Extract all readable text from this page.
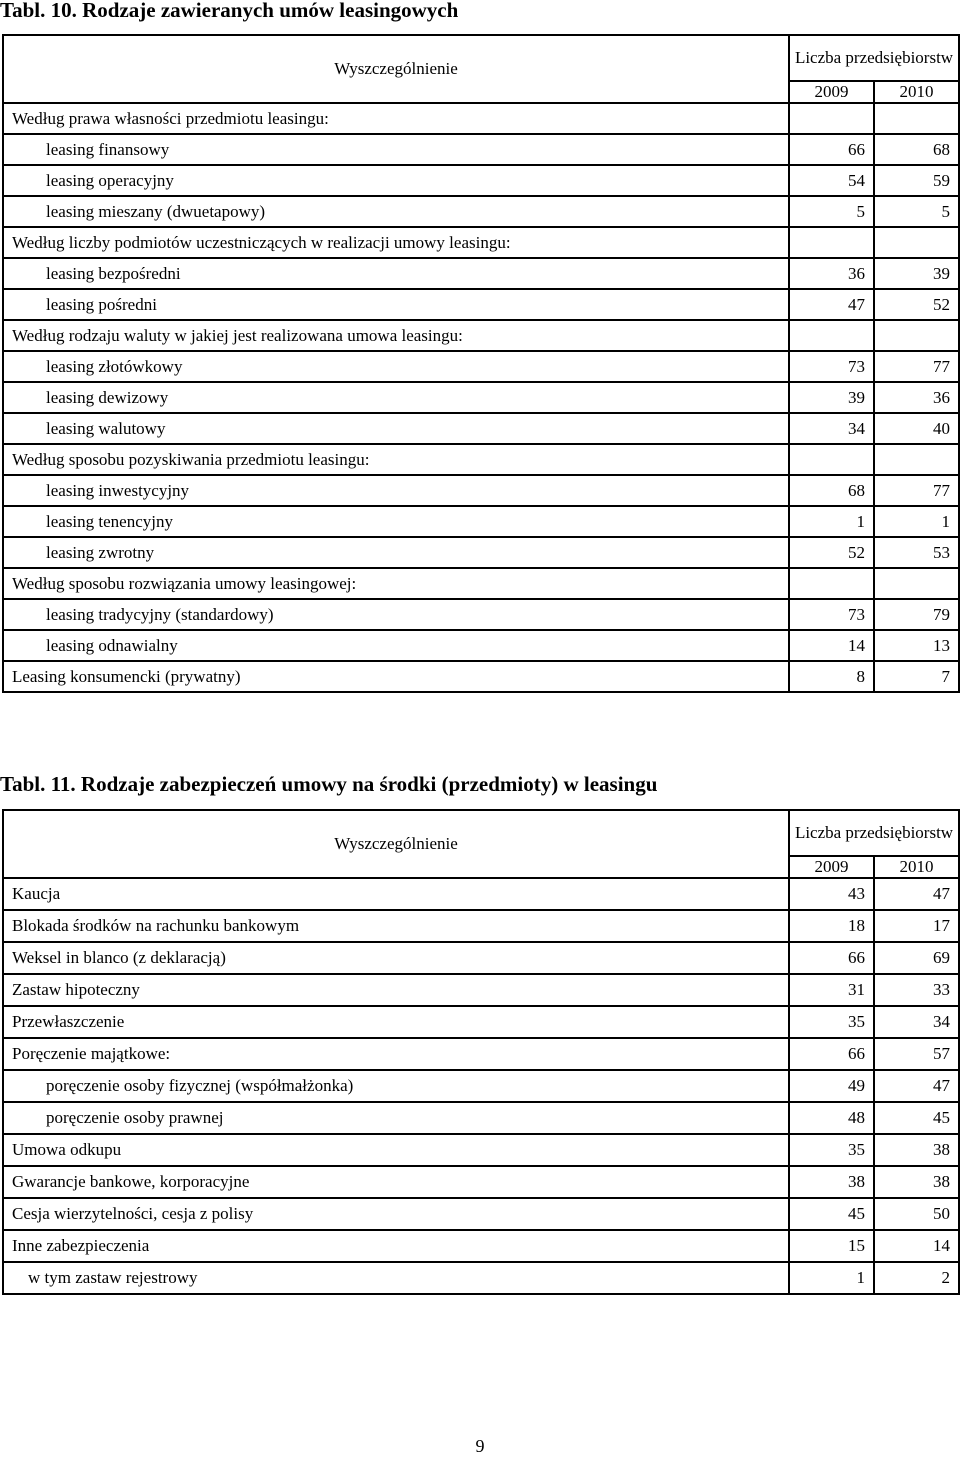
Tabl. 10. Rodzaje zawieranych umów leasingowych
Wyszczególnienie	Liczba przedsiębiorstw	
	2009	2010
Według prawa własności przedmiotu leasingu:		
leasing finansowy	66	68
leasing operacyjny	54	59
leasing mieszany (dwuetapowy)	5	5
Według liczby podmiotów uczestniczących w realizacji umowy leasingu:		
leasing bezpośredni	36	39
leasing pośredni	47	52
Według rodzaju waluty w jakiej jest realizowana umowa leasingu:		
leasing złotówkowy	73	77
leasing dewizowy	39	36
leasing walutowy	34	40
Według sposobu pozyskiwania przedmiotu leasingu:		
leasing inwestycyjny	68	77
leasing tenencyjny	1	1
leasing zwrotny	52	53
Według sposobu rozwiązania umowy leasingowej:		
leasing tradycyjny (standardowy)	73	79
leasing odnawialny	14	13
Leasing konsumencki (prywatny)	8	7
Tabl. 11. Rodzaje zabezpieczeń umowy na środki (przedmioty) w leasingu
Wyszczególnienie	Liczba przedsiębiorstw	
	2009	2010
Kaucja	43	47
Blokada środków na rachunku bankowym	18	17
Weksel in blanco (z deklaracją)	66	69
Zastaw hipoteczny	31	33
Przewłaszczenie	35	34
Poręczenie majątkowe:	66	57
poręczenie osoby fizycznej (współmałżonka)	49	47
poręczenie osoby prawnej	48	45
Umowa odkupu	35	38
Gwarancje bankowe, korporacyjne	38	38
Cesja wierzytelności, cesja z polisy	45	50
Inne zabezpieczenia	15	14
w tym zastaw rejestrowy	1	2
9
